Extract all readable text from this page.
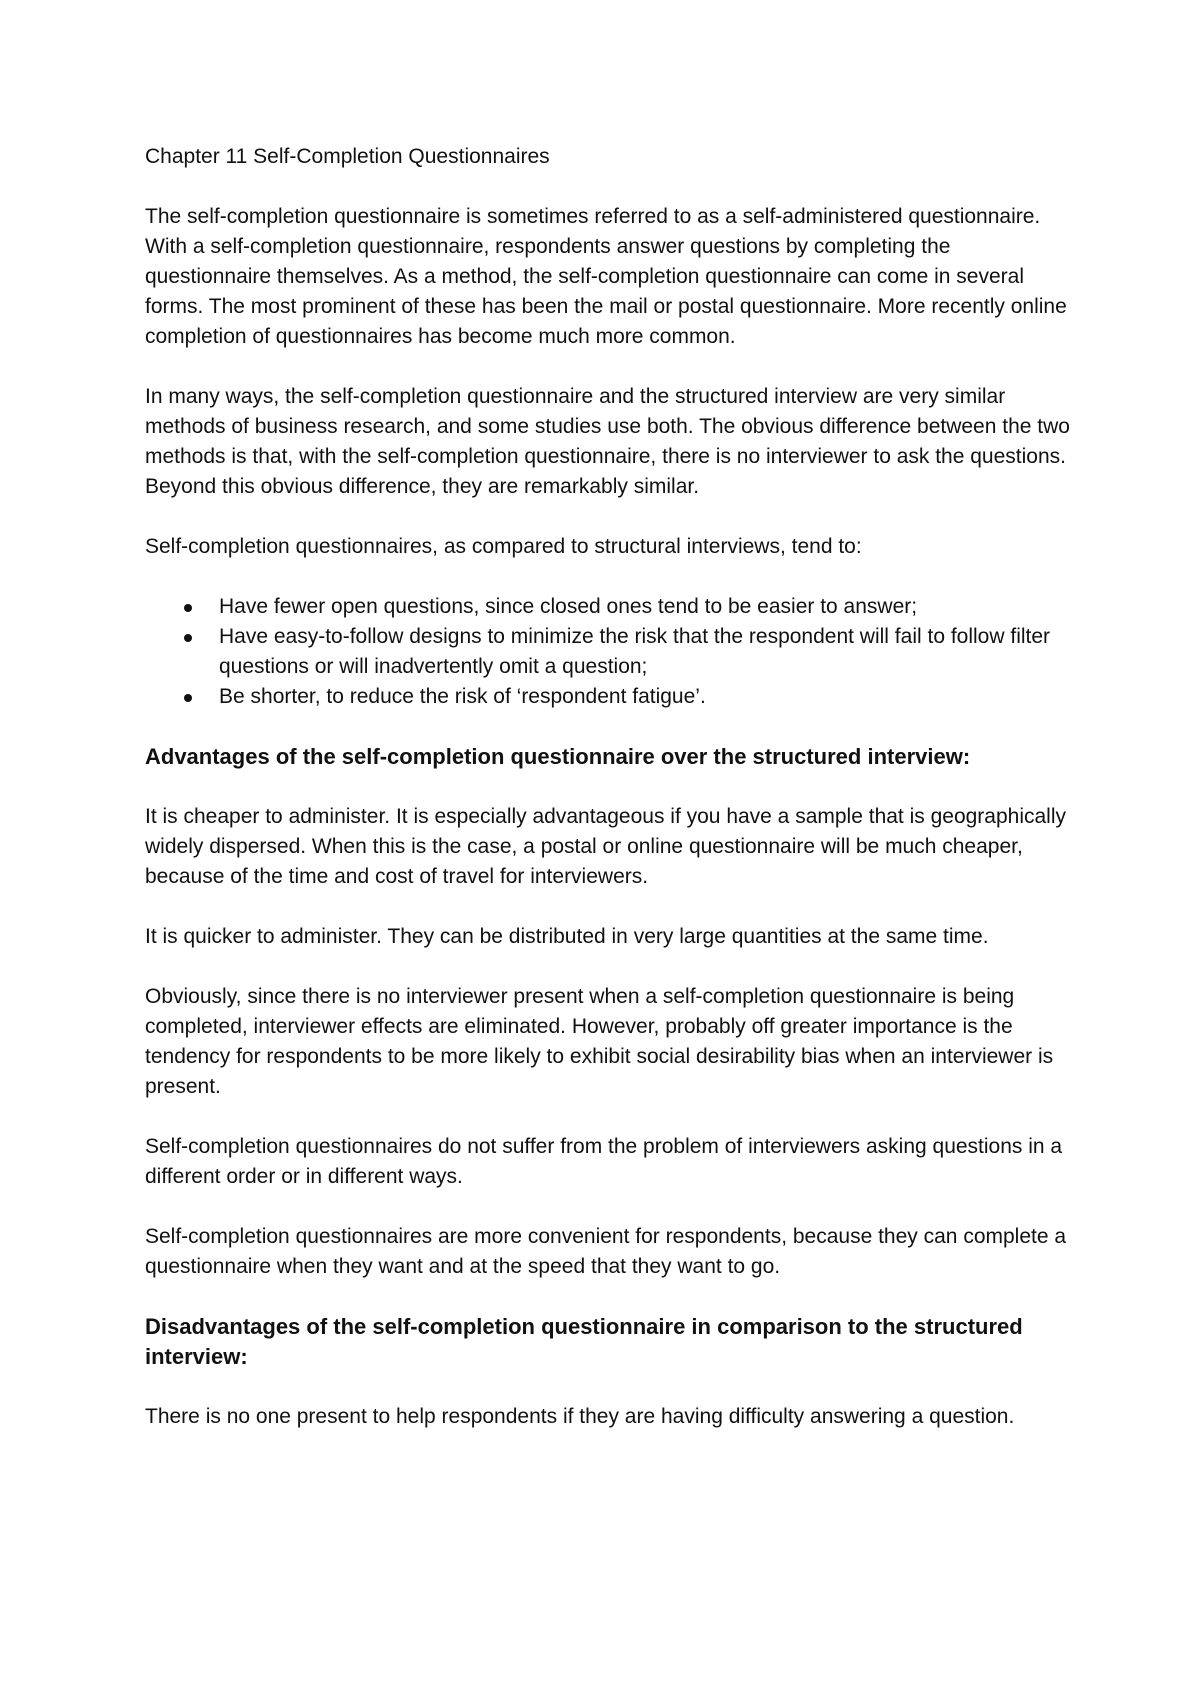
Chapter 11 Self-Completion Questionnaires

The self-completion questionnaire is sometimes referred to as a self-administered questionnaire. With a self-completion questionnaire, respondents answer questions by completing the questionnaire themselves. As a method, the self-completion questionnaire can come in several forms. The most prominent of these has been the mail or postal questionnaire. More recently online completion of questionnaires has become much more common.

In many ways, the self-completion questionnaire and the structured interview are very similar methods of business research, and some studies use both. The obvious difference between the two methods is that, with the self-completion questionnaire, there is no interviewer to ask the questions. Beyond this obvious difference, they are remarkably similar.

Self-completion questionnaires, as compared to structural interviews, tend to:

Have fewer open questions, since closed ones tend to be easier to answer;
Have easy-to-follow designs to minimize the risk that the respondent will fail to follow filter questions or will inadvertently omit a question;
Be shorter, to reduce the risk of ‘respondent fatigue’.
Advantages of the self-completion questionnaire over the structured interview:

It is cheaper to administer. It is especially advantageous if you have a sample that is geographically widely dispersed. When this is the case, a postal or online questionnaire will be much cheaper, because of the time and cost of travel for interviewers.

It is quicker to administer. They can be distributed in very large quantities at the same time.

Obviously, since there is no interviewer present when a self-completion questionnaire is being completed, interviewer effects are eliminated. However, probably off greater importance is the tendency for respondents to be more likely to exhibit social desirability bias when an interviewer is present.

Self-completion questionnaires do not suffer from the problem of interviewers asking questions in a different order or in different ways.

Self-completion questionnaires are more convenient for respondents, because they can complete a questionnaire when they want and at the speed that they want to go.

Disadvantages of the self-completion questionnaire in comparison to the structured interview:

There is no one present to help respondents if they are having difficulty answering a question.
